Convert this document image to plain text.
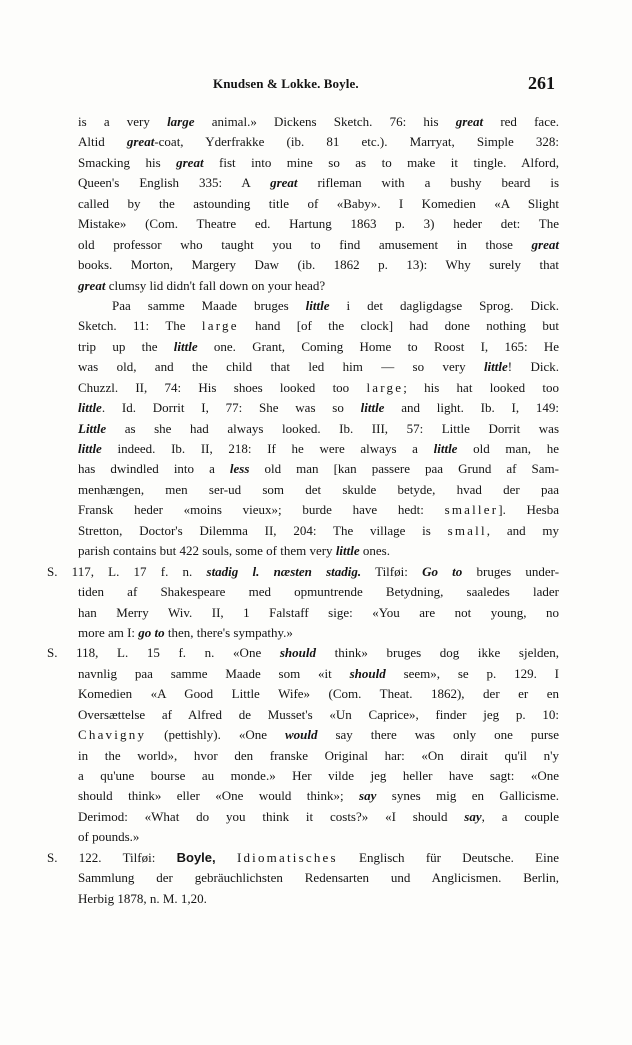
Knudsen & Lokke. Boyle.	261
is a very large animal.» Dickens Sketch. 76: his great red face.
Altid great-coat, Yderfrakke (ib. 81 etc.). Marryat, Simple 328:
Smacking his great fist into mine so as to make it tingle. Alford,
Queen's English 335: A great rifleman with a bushy beard is
called by the astounding title of «Baby». I Komedien «A Slight
Mistake» (Com. Theatre ed. Hartung 1863 p. 3) heder det: The
old professor who taught you to find amusement in those great
books. Morton, Margery Daw (ib. 1862 p. 13): Why surely that
great clumsy lid didn't fall down on your head?
Paa samme Maade bruges little i det dagligdagse Sprog. Dick.
Sketch. 11: The large hand [of the clock] had done nothing but
trip up the little one. Grant, Coming Home to Roost I, 165: He
was old, and the child that led him — so very little! Dick.
Chuzzl. II, 74: His shoes looked too large; his hat looked too
little. Id. Dorrit I, 77: She was so little and light. Ib. I, 149:
Little as she had always looked. Ib. III, 57: Little Dorrit was
little indeed. Ib. II, 218: If he were always a little old man, he
has dwindled into a less old man [kan passere paa Grund af Sam-
menhængen, men ser-ud som det skulde betyde, hvad der paa
Fransk heder «moins vieux»; burde have hedt: smaller]. Hesba
Stretton, Doctor's Dilemma II, 204: The village is small, and my
parish contains but 422 souls, some of them very little ones.
S. 117, L. 17 f. n. stadig l. næsten stadig. Tilføi: Go to bruges under-
tiden af Shakespeare med opmuntrende Betydning, saaledes lader
han Merry Wiv. II, 1 Falstaff sige: «You are not young, no
more am I: go to then, there's sympathy.»
S. 118, L. 15 f. n. «One should think» bruges dog ikke sjelden,
navnlig paa samme Maade som «it should seem», se p. 129. I
Komedien «A Good Little Wife» (Com. Theat. 1862), der er en
Oversættelse af Alfred de Musset's «Un Caprice», finder jeg p. 10:
Chavigny (pettishly). «One would say there was only one purse
in the world», hvor den franske Original har: «On dirait qu'il n'y
a qu'une bourse au monde.» Her vilde jeg heller have sagt: «One
should think» eller «One would think»; say synes mig en Gallicisme.
Derimod: «What do you think it costs?» «I should say, a couple
of pounds.»
S. 122. Tilføi: Boyle, Idiomatisches Englisch für Deutsche. Eine
Sammlung der gebräuchlichsten Redensarten und Anglicismen. Berlin,
Herbig 1878, n. M. 1,20.
